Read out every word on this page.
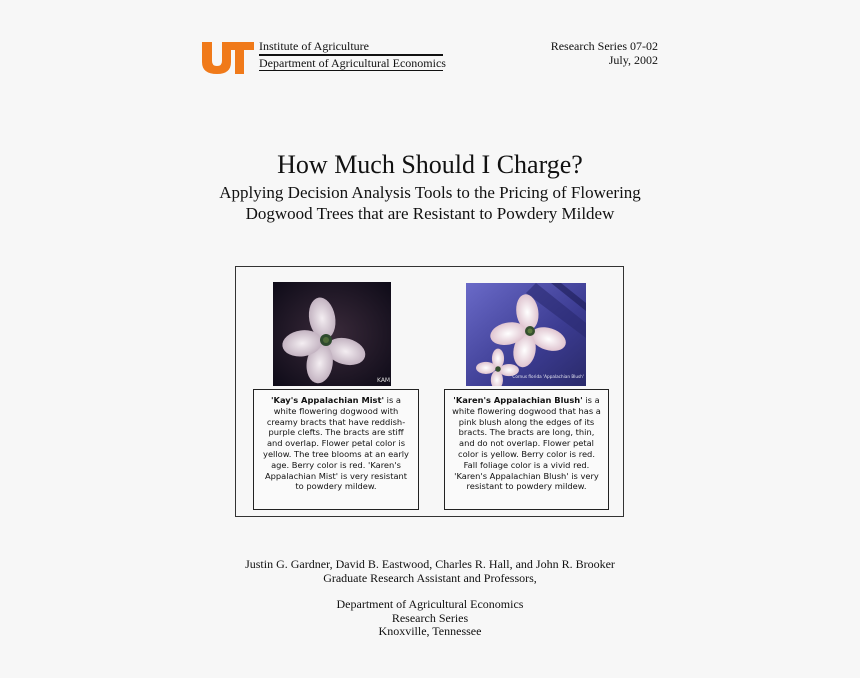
Institute of Agriculture
Department of Agricultural Economics
Research Series 07-02
July, 2002
How Much Should I Charge?
Applying Decision Analysis Tools to the Pricing of Flowering
Dogwood Trees that are Resistant to Powdery Mildew
KAM
Cornus florida 'Appalachian Blush'
'Kay's Appalachian Mist' is a white flowering dogwood with creamy bracts that have reddish-purple clefts. The bracts are stiff and overlap. Flower petal color is yellow. The tree blooms at an early age. Berry color is red. 'Karen's Appalachian Mist' is very resistant to powdery mildew.
'Karen's Appalachian Blush' is a white flowering dogwood that has a pink blush along the edges of its bracts. The bracts are long, thin, and do not overlap. Flower petal color is yellow. Berry color is red. Fall foliage color is a vivid red. 'Karen's Appalachian Blush' is very resistant to powdery mildew.
Justin G. Gardner, David B. Eastwood, Charles R. Hall, and John R. Brooker
Graduate Research Assistant and Professors,
Department of Agricultural Economics
Research Series
Knoxville, Tennessee
